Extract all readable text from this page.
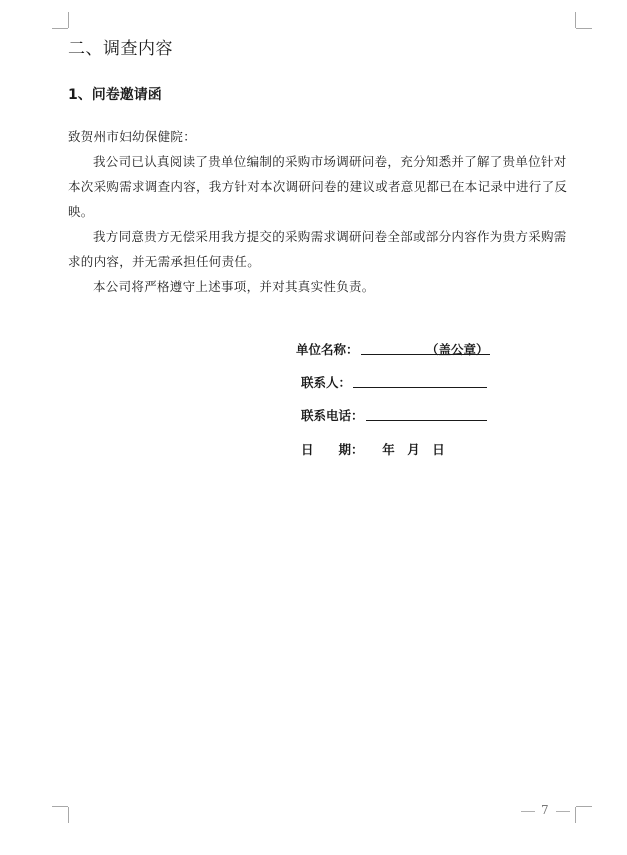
二、调查内容
1、问卷邀请函
致贺州市妇幼保健院：
我公司已认真阅读了贵单位编制的采购市场调研问卷，充分知悉并了解了贵单位针对
本次采购需求调查内容，我方针对本次调研问卷的建议或者意见都已在本记录中进行了反
映。
我方同意贵方无偿采用我方提交的采购需求调研问卷全部或部分内容作为贵方采购需
求的内容，并无需承担任何责任。
本公司将严格遵守上述事项，并对其真实性负责。
单位名称：	（盖公章）
联系人：
联系电话：
日　　期：　　年　月　日
7
